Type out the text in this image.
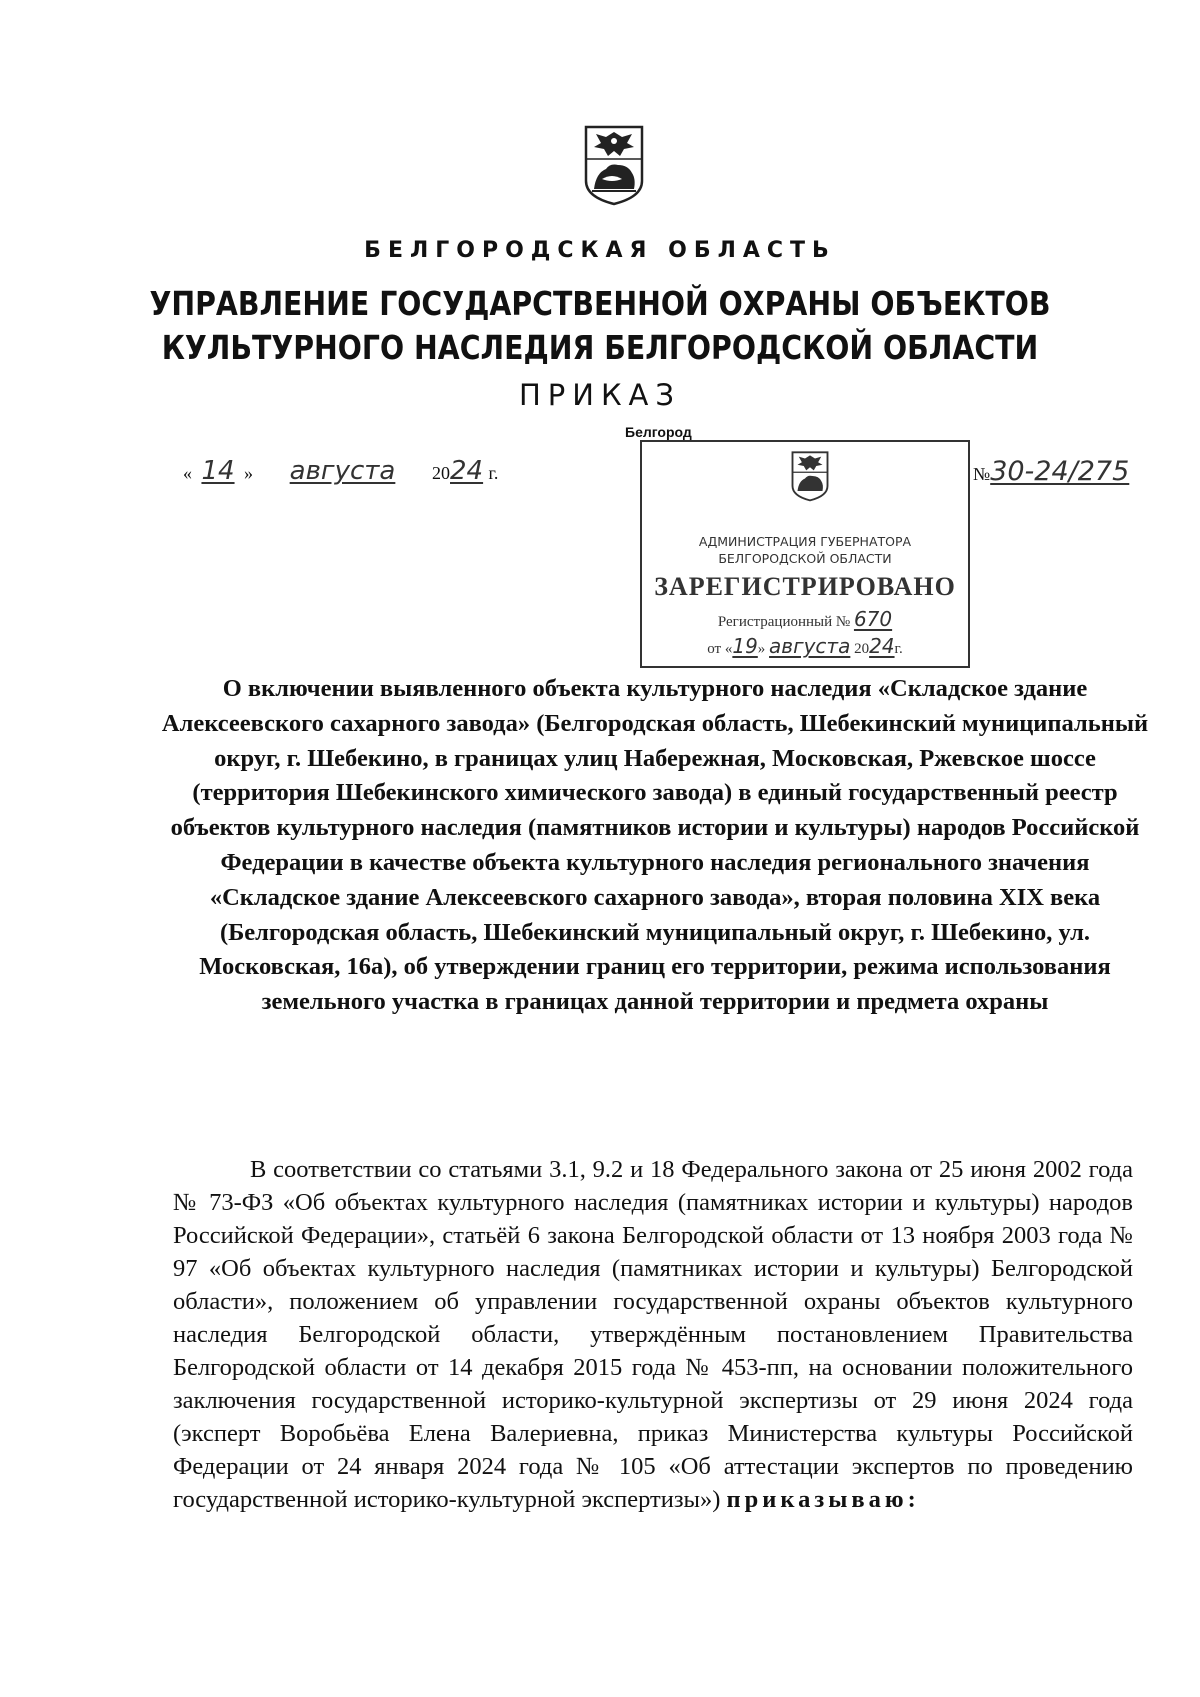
БЕЛГОРОДСКАЯ ОБЛАСТЬ
УПРАВЛЕНИЕ ГОСУДАРСТВЕННОЙ ОХРАНЫ ОБЪЕКТОВ
КУЛЬТУРНОГО НАСЛЕДИЯ БЕЛГОРОДСКОЙ ОБЛАСТИ
ПРИКАЗ
Белгород
« 14 » августа 2024 г.	№30-24/275
АДМИНИСТРАЦИЯ ГУБЕРНАТОРА
БЕЛГОРОДСКОЙ ОБЛАСТИ
ЗАРЕГИСТРИРОВАНО
Регистрационный № 670
от «19» августа 2024г.
О включении выявленного объекта культурного наследия «Складское здание Алексеевского сахарного завода» (Белгородская область, Шебекинский муниципальный округ, г. Шебекино, в границах улиц Набережная, Московская, Ржевское шоссе (территория Шебекинского химического завода) в единый государственный реестр объектов культурного наследия (памятников истории и культуры) народов Российской Федерации в качестве объекта культурного наследия регионального значения «Складское здание Алексеевского сахарного завода», вторая половина XIX века (Белгородская область, Шебекинский муниципальный округ, г. Шебекино, ул. Московская, 16а), об утверждении границ его территории, режима использования земельного участка в границах данной территории и предмета охраны

В соответствии со статьями 3.1, 9.2 и 18 Федерального закона от 25 июня 2002 года № 73-ФЗ «Об объектах культурного наследия (памятниках истории и культуры) народов Российской Федерации», статьёй 6 закона Белгородской области от 13 ноября 2003 года № 97 «Об объектах культурного наследия (памятниках истории и культуры) Белгородской области», положением об управлении государственной охраны объектов культурного наследия Белгородской области, утверждённым постановлением Правительства Белгородской области от 14 декабря 2015 года № 453-пп, на основании положительного заключения государственной историко-культурной экспертизы от 29 июня 2024 года (эксперт Воробьёва Елена Валериевна, приказ Министерства культуры Российской Федерации от 24 января 2024 года № 105 «Об аттестации экспертов по проведению государственной историко-культурной экспертизы») приказываю:
